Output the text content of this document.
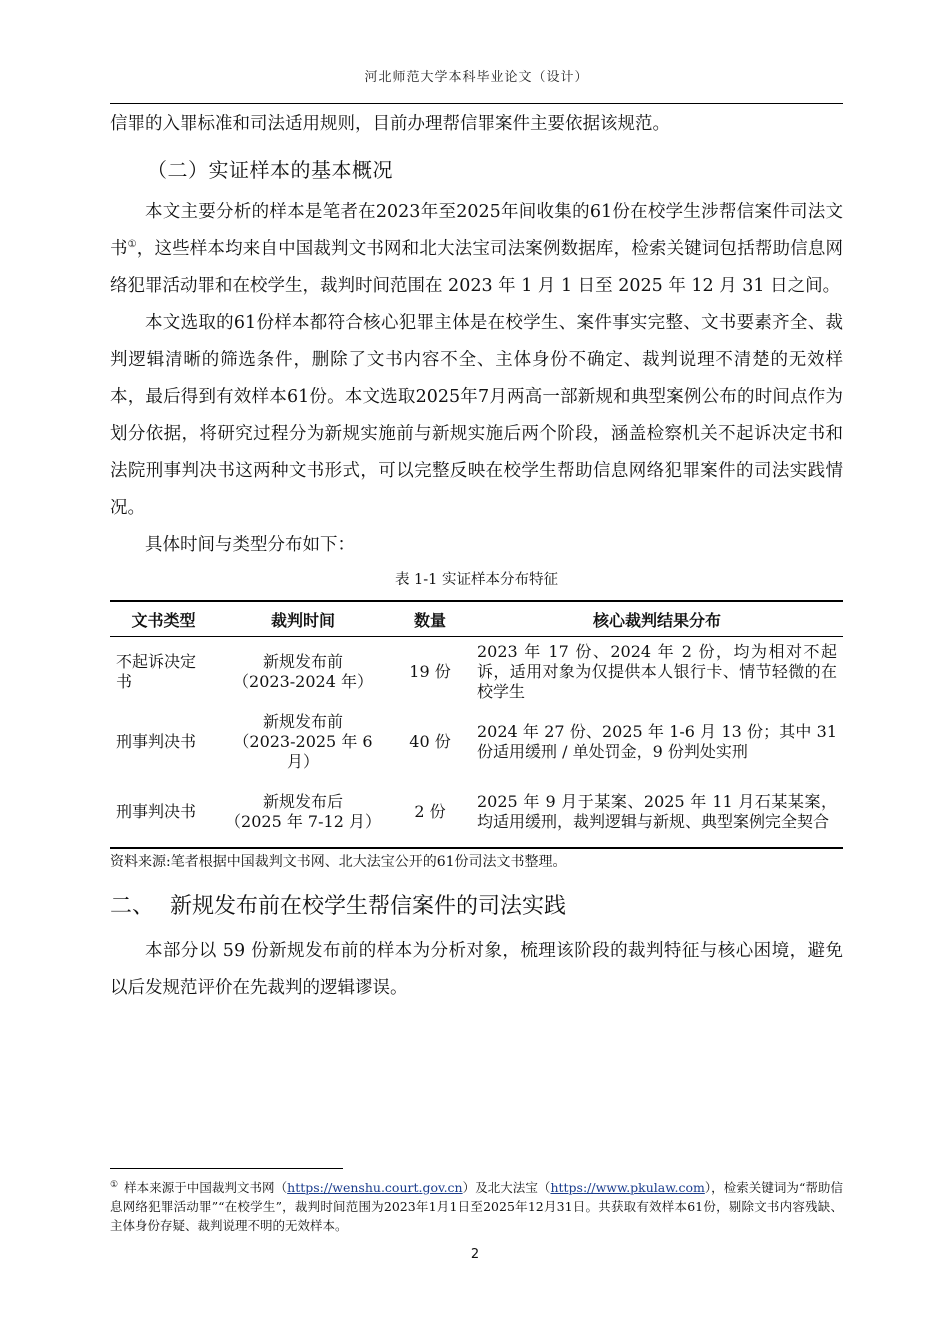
河北师范大学本科毕业论文（设计）

信罪的入罪标准和司法适用规则，目前办理帮信罪案件主要依据该规范。

（二）实证样本的基本概况

本文主要分析的样本是笔者在2023年至2025年间收集的61份在校学生涉帮信案件司法文书①，这些样本均来自中国裁判文书网和北大法宝司法案例数据库，检索关键词包括帮助信息网络犯罪活动罪和在校学生，裁判时间范围在 2023 年 1 月 1 日至 2025 年 12 月 31 日之间。

本文选取的61份样本都符合核心犯罪主体是在校学生、案件事实完整、文书要素齐全、裁判逻辑清晰的筛选条件，删除了文书内容不全、主体身份不确定、裁判说理不清楚的无效样本，最后得到有效样本61份。本文选取2025年7月两高一部新规和典型案例公布的时间点作为划分依据，将研究过程分为新规实施前与新规实施后两个阶段，涵盖检察机关不起诉决定书和法院刑事判决书这两种文书形式，可以完整反映在校学生帮助信息网络犯罪案件的司法实践情况。

具体时间与类型分布如下：

表 1-1 实证样本分布特征
文书类型	裁判时间	数量	核心裁判结果分布
不起诉决定书	新规发布前
（2023-2024 年）	19 份	2023 年 17 份、2024 年 2 份，均为相对不起诉，适用对象为仅提供本人银行卡、情节轻微的在校学生
刑事判决书	新规发布前
（2023-2025 年 6 月）	40 份	2024 年 27 份、2025 年 1-6 月 13 份；其中 31 份适用缓刑 / 单处罚金，9 份判处实刑
刑事判决书	新规发布后
（2025 年 7-12 月）	2 份	2025 年 9 月于某案、2025 年 11 月石某某案，均适用缓刑，裁判逻辑与新规、典型案例完全契合
资料来源:笔者根据中国裁判文书网、北大法宝公开的61份司法文书整理。
二、 新规发布前在校学生帮信案件的司法实践

本部分以 59 份新规发布前的样本为分析对象，梳理该阶段的裁判特征与核心困境，避免以后发规范评价在先裁判的逻辑谬误。

① 样本来源于中国裁判文书网（https://wenshu.court.gov.cn）及北大法宝（https://www.pkulaw.com），检索关键词为“帮助信息网络犯罪活动罪”“在校学生”，裁判时间范围为2023年1月1日至2025年12月31日。共获取有效样本61份，剔除文书内容残缺、主体身份存疑、裁判说理不明的无效样本。
2
